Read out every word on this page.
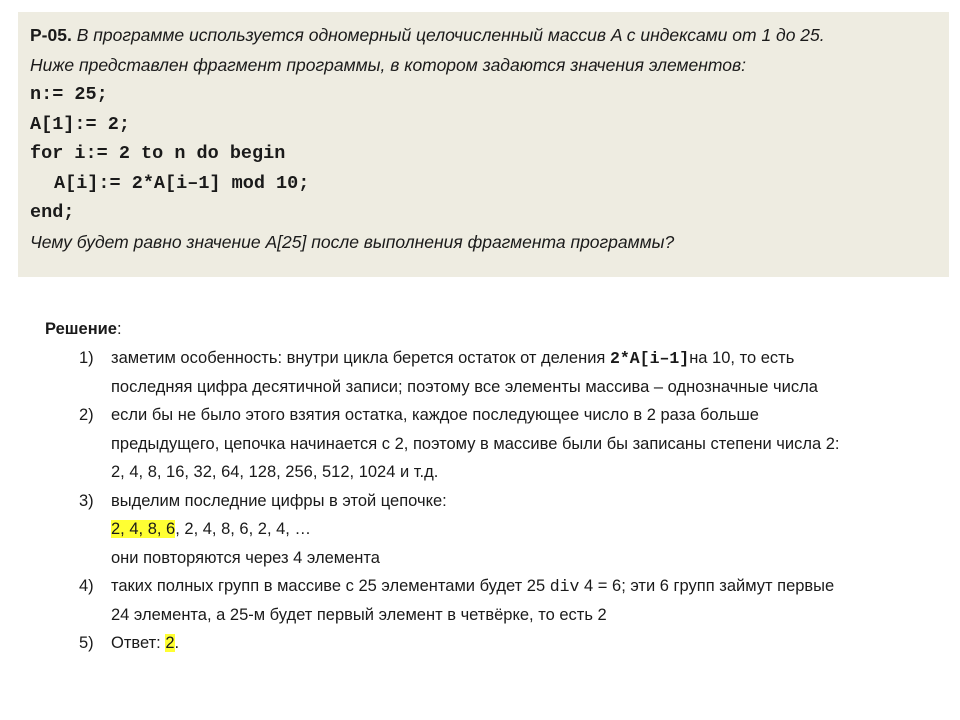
Р-05. В программе используется одномерный целочисленный массив A с индексами от 1 до 25.
Ниже представлен фрагмент программы, в котором задаются значения элементов:
n:= 25;
A[1]:= 2;
for i:= 2 to n do begin
A[i]:= 2*A[i–1] mod 10;
end;
Чему будет равно значение A[25] после выполнения фрагмента программы?
Решение:
1) заметим особенность: внутри цикла берется остаток от деления 2*A[i–1]на 10, то есть
последняя цифра десятичной записи; поэтому все элементы массива – однозначные числа
2) если бы не было этого взятия остатка, каждое последующее число в 2 раза больше
предыдущего, цепочка начинается с 2, поэтому в массиве были бы записаны степени числа 2:
2, 4, 8, 16, 32, 64, 128, 256, 512, 1024 и т.д.
3) выделим последние цифры в этой цепочке:
2, 4, 8, 6, 2, 4, 8, 6, 2, 4, …
они повторяются через 4 элемента
4) таких полных групп в массиве с 25 элементами будет 25 div 4 = 6; эти 6 групп займут первые
24 элемента, а 25-м будет первый элемент в четвёрке, то есть 2
5) Ответ: 2.
